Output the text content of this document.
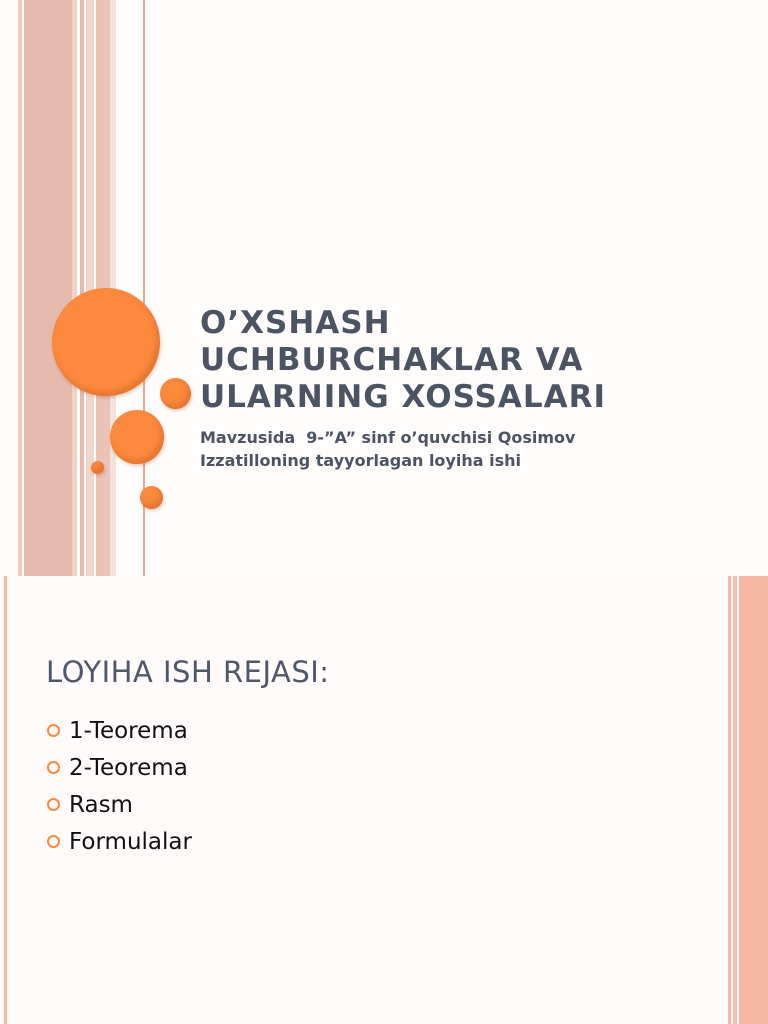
O’XSHASH
UCHBURCHAKLAR VA
ULARNING XOSSALARI

Mavzusida  9-”A” sinf o’quvchisi Qosimov
Izzatilloning tayyorlagan loyiha ishi

LOYIHA ISH REJASI:
1-Teorema
2-Teorema
Rasm
Formulalar
